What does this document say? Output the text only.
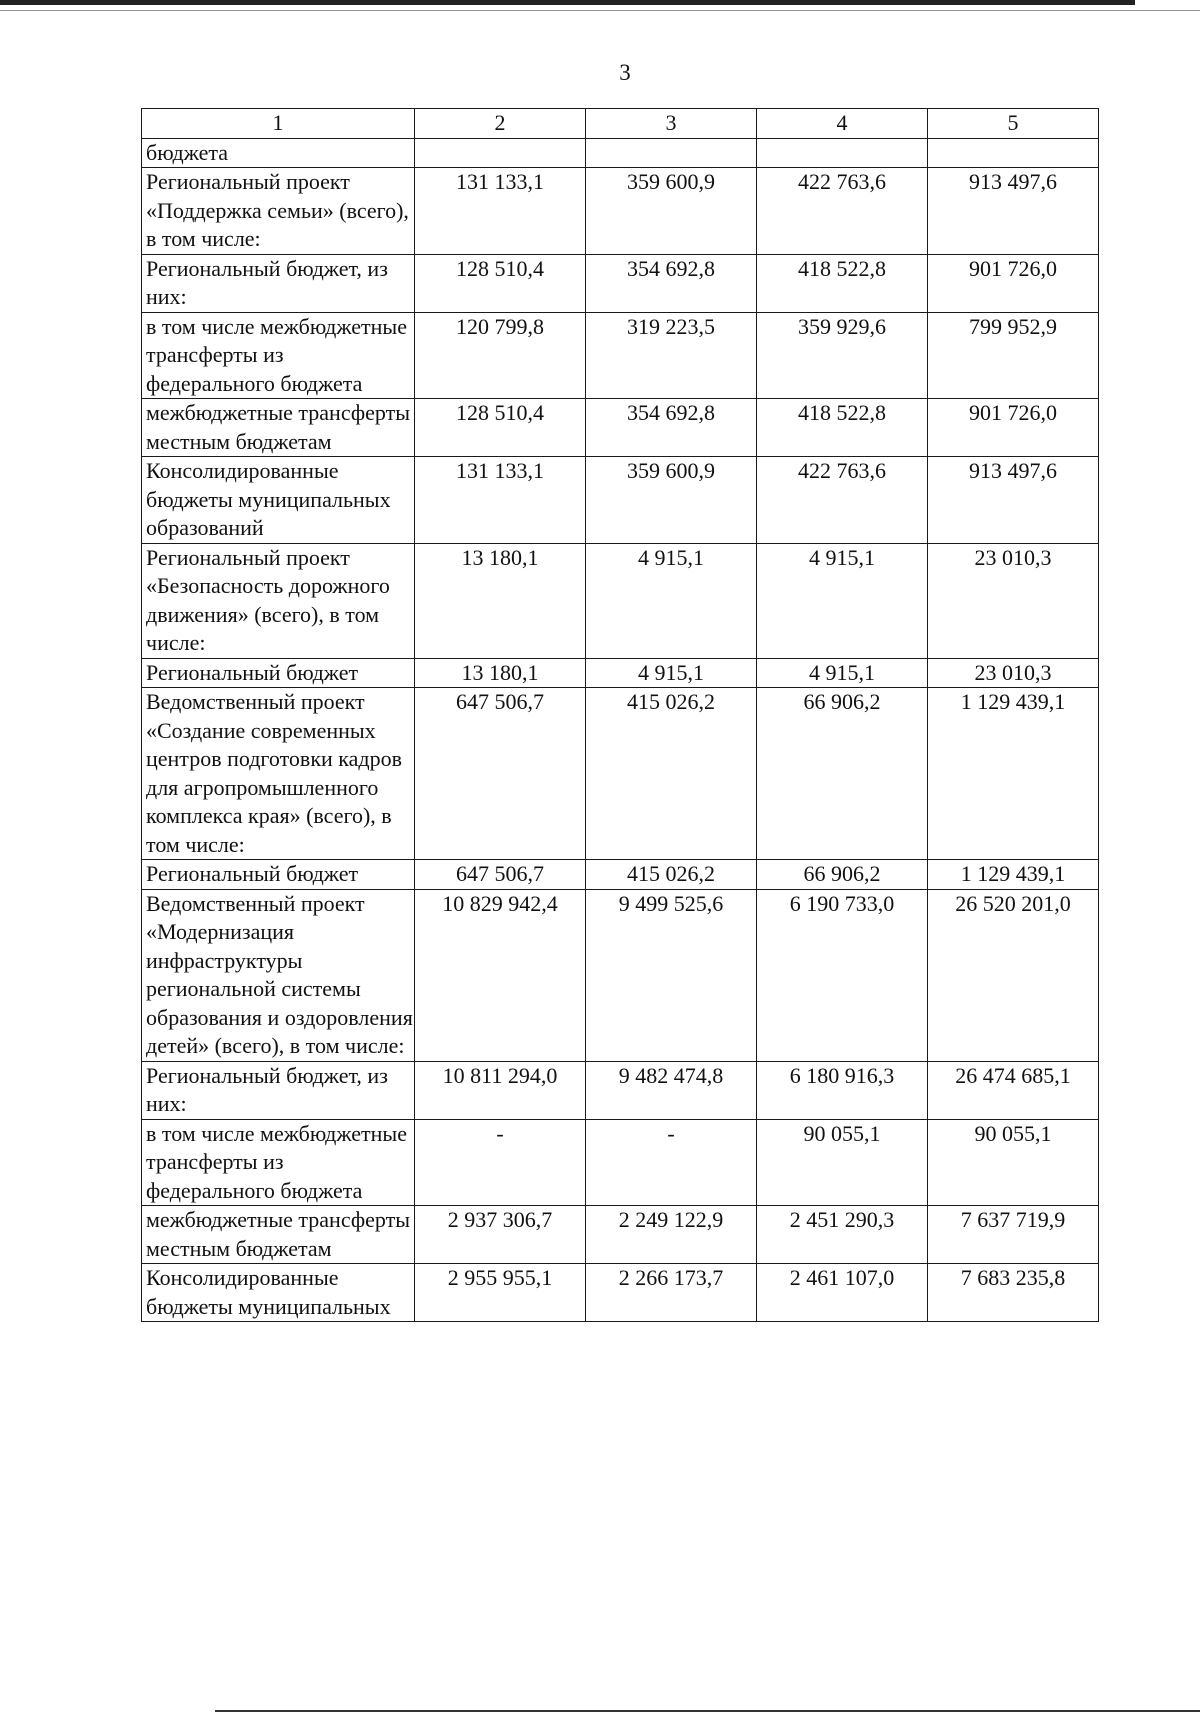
3
1	2	3	4	5
бюджета				
Региональный проект «Поддержка семьи» (всего), в том числе:	131 133,1	359 600,9	422 763,6	913 497,6
Региональный бюджет, из них:	128 510,4	354 692,8	418 522,8	901 726,0
в том числе межбюджетные трансферты из федерального бюджета	120 799,8	319 223,5	359 929,6	799 952,9
межбюджетные трансферты местным бюджетам	128 510,4	354 692,8	418 522,8	901 726,0
Консолидированные бюджеты муниципальных образований	131 133,1	359 600,9	422 763,6	913 497,6
Региональный проект «Безопасность дорожного движения» (всего), в том числе:	13 180,1	4 915,1	4 915,1	23 010,3
Региональный бюджет	13 180,1	4 915,1	4 915,1	23 010,3
Ведомственный проект «Создание современных центров подготовки кадров для агропромышленного комплекса края» (всего), в том числе:	647 506,7	415 026,2	66 906,2	1 129 439,1
Региональный бюджет	647 506,7	415 026,2	66 906,2	1 129 439,1
Ведомственный проект «Модернизация инфраструктуры региональной системы образования и оздоровления детей» (всего), в том числе:	10 829 942,4	9 499 525,6	6 190 733,0	26 520 201,0
Региональный бюджет, из них:	10 811 294,0	9 482 474,8	6 180 916,3	26 474 685,1
в том числе межбюджетные трансферты из федерального бюджета	-	-	90 055,1	90 055,1
межбюджетные трансферты местным бюджетам	2 937 306,7	2 249 122,9	2 451 290,3	7 637 719,9
Консолидированные бюджеты муниципальных	2 955 955,1	2 266 173,7	2 461 107,0	7 683 235,8
